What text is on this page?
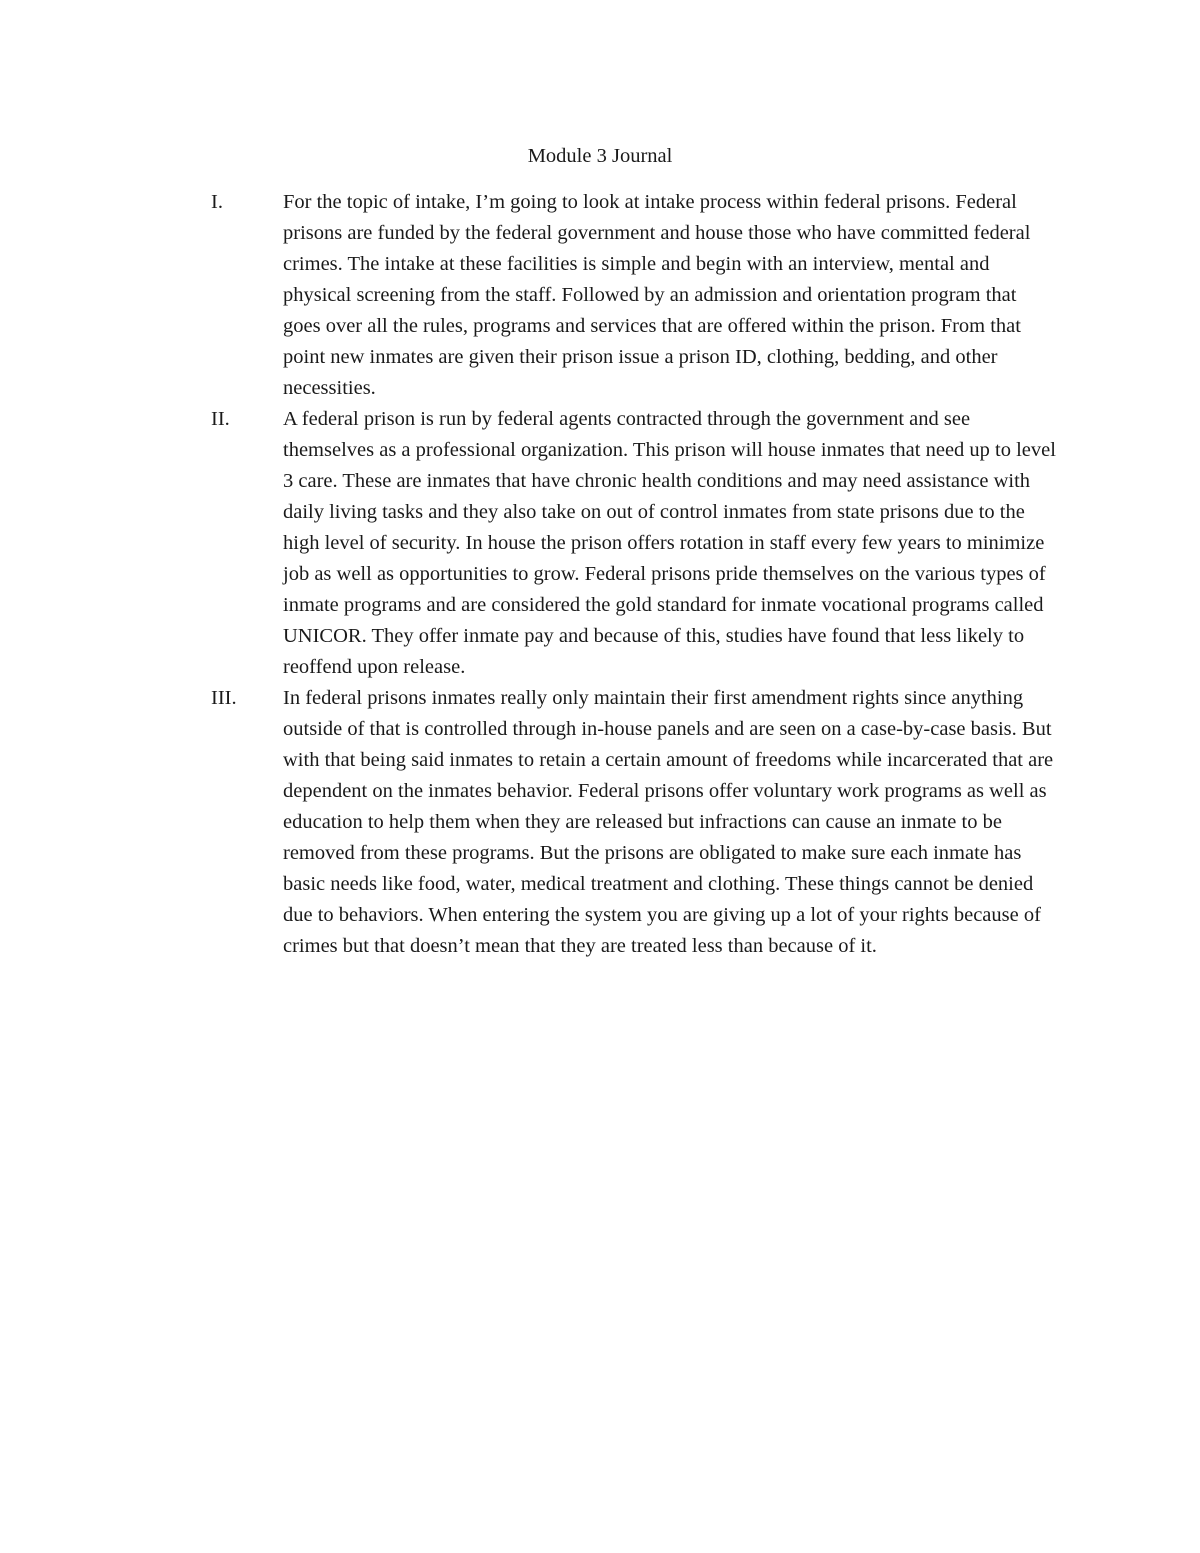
Module 3 Journal
I.	For the topic of intake, I’m going to look at intake process within federal prisons. Federal prisons are funded by the federal government and house those who have committed federal crimes. The intake at these facilities is simple and begin with an interview, mental and physical screening from the staff. Followed by an admission and orientation program that goes over all the rules, programs and services that are offered within the prison. From that point new inmates are given their prison issue a prison ID, clothing, bedding, and other necessities.

II.	A federal prison is run by federal agents contracted through the government and see themselves as a professional organization. This prison will house inmates that need up to level 3 care. These are inmates that have chronic health conditions and may need assistance with daily living tasks and they also take on out of control inmates from state prisons due to the high level of security. In house the prison offers rotation in staff every few years to minimize job as well as opportunities to grow. Federal prisons pride themselves on the various types of inmate programs and are considered the gold standard for inmate vocational programs called UNICOR. They offer inmate pay and because of this, studies have found that less likely to reoffend upon release.

III. In federal prisons inmates really only maintain their first amendment rights since anything outside of that is controlled through in-house panels and are seen on a case-by-case basis. But with that being said inmates to retain a certain amount of freedoms while incarcerated that are dependent on the inmates behavior. Federal prisons offer voluntary work programs as well as education to help them when they are released but infractions can cause an inmate to be removed from these programs. But the prisons are obligated to make sure each inmate has basic needs like food, water, medical treatment and clothing. These things cannot be denied due to behaviors. When entering the system you are giving up a lot of your rights because of crimes but that doesn’t mean that they are treated less than because of it.
